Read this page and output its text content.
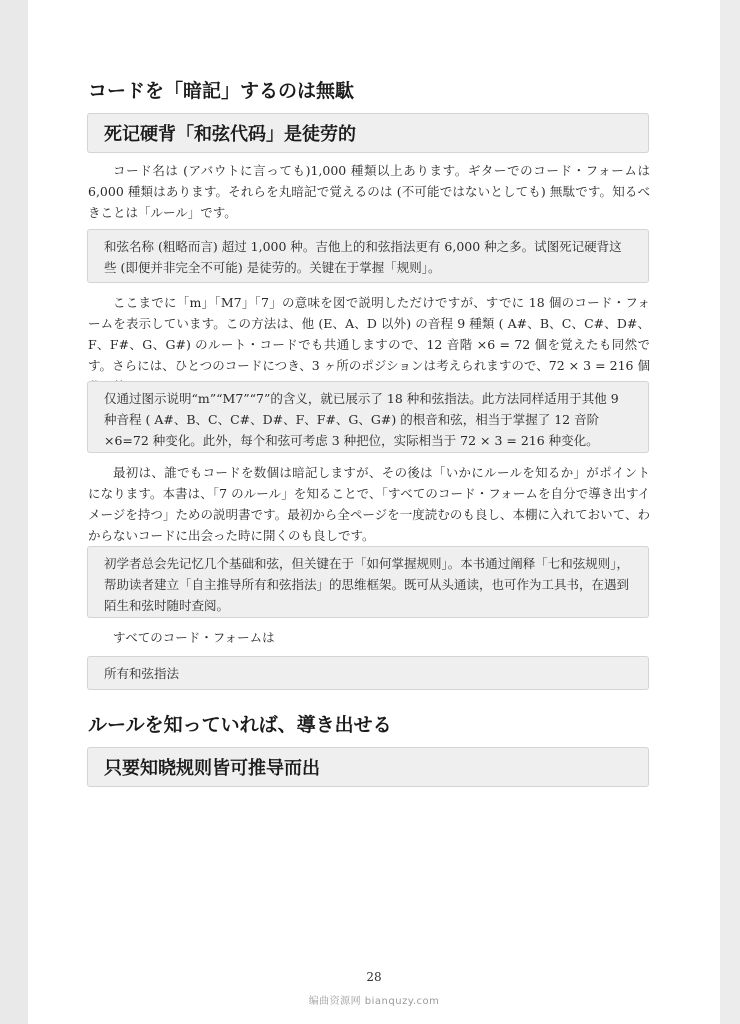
コードを「暗記」するのは無駄
死记硬背「和弦代码」是徒劳的
コード名は (アバウトに言っても)1,000 種類以上あります。ギターでのコード・フォームは 6,000 種類はあります。それらを丸暗記で覚えるのは (不可能ではないとしても) 無駄です。知るべきことは「ルール」です。
和弦名称 (粗略而言) 超过 1,000 种。吉他上的和弦指法更有 6,000 种之多。试图死记硬背这些 (即便并非完全不可能) 是徒劳的。关键在于掌握「规则」。
ここまでに「m」「M7」「7」の意味を図で説明しただけですが、すでに 18 個のコード・フォームを表示しています。この方法は、他 (E、A、D 以外) の音程 9 種類 ( A#、B、C、C#、D#、F、F#、G、G#) のルート・コードでも共通しますので、12 音階 ×6 = 72 個を覚えたも同然です。さらには、ひとつのコードにつき、3 ヶ所のポジションは考えられますので、72 × 3 = 216 個
仅通过图示说明“m”“M7”“7”的含义，就已展示了 18 种和弦指法。此方法同样适用于其他 9 种音程 ( A#、B、C、C#、D#、F、F#、G、G#) 的根音和弦，相当于掌握了 12 音阶 ×6=72 种变化。此外，每个和弦可考虑 3 种把位，实际相当于 72 × 3 = 216 种变化。
最初は、誰でもコードを数個は暗記しますが、その後は「いかにルールを知るか」がポイントになります。本書は、「7 のルール」を知ることで、「すべてのコード・フォームを自分で導き出すイメージを持つ」ための説明書です。最初から全ページを一度読むのも良し、本棚に入れておいて、わからないコードに出会った時に開くのも良しです。
初学者总会先记忆几个基础和弦，但关键在于「如何掌握规则」。本书通过阐释「七和弦规则」，帮助读者建立「自主推导所有和弦指法」的思维框架。既可从头通读，也可作为工具书，在遇到陌生和弦时随时查阅。
すべてのコード・フォームは
所有和弦指法
ルールを知っていれば、導き出せる
只要知晓规则皆可推导而出
28
编曲资源网 bianquzy.com
